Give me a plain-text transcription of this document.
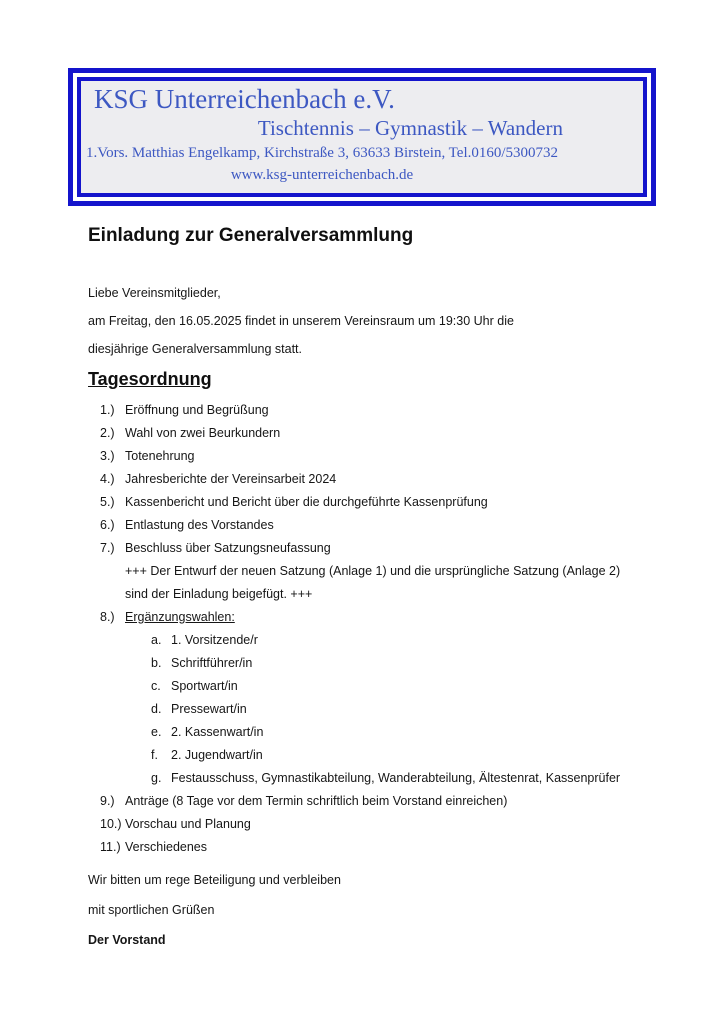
KSG Unterreichenbach e.V.
Tischtennis – Gymnastik – Wandern
1.Vors. Matthias Engelkamp, Kirchstraße 3, 63633 Birstein, Tel.0160/5300732
www.ksg-unterreichenbach.de
Einladung zur Generalversammlung
Liebe Vereinsmitglieder,
am Freitag, den 16.05.2025 findet in unserem Vereinsraum um 19:30 Uhr die
diesjährige Generalversammlung statt.
Tagesordnung
1.) Eröffnung und Begrüßung
2.) Wahl von zwei Beurkundern
3.) Totenehrung
4.) Jahresberichte der Vereinsarbeit 2024
5.) Kassenbericht und Bericht über die durchgeführte Kassenprüfung
6.) Entlastung des Vorstandes
7.) Beschluss über Satzungsneufassung
+++ Der Entwurf der neuen Satzung (Anlage 1) und die ursprüngliche Satzung (Anlage 2)
sind der Einladung beigefügt. +++
8.) Ergänzungswahlen:
a. 1. Vorsitzende/r
b. Schriftführer/in
c. Sportwart/in
d. Pressewart/in
e. 2. Kassenwart/in
f.	2. Jugendwart/in
g. Festausschuss, Gymnastikabteilung, Wanderabteilung, Ältestenrat, Kassenprüfer
9.) Anträge (8 Tage vor dem Termin schriftlich beim Vorstand einreichen)
10.) Vorschau und Planung
11.) Verschiedenes
Wir bitten um rege Beteiligung und verbleiben
mit sportlichen Grüßen
Der Vorstand
